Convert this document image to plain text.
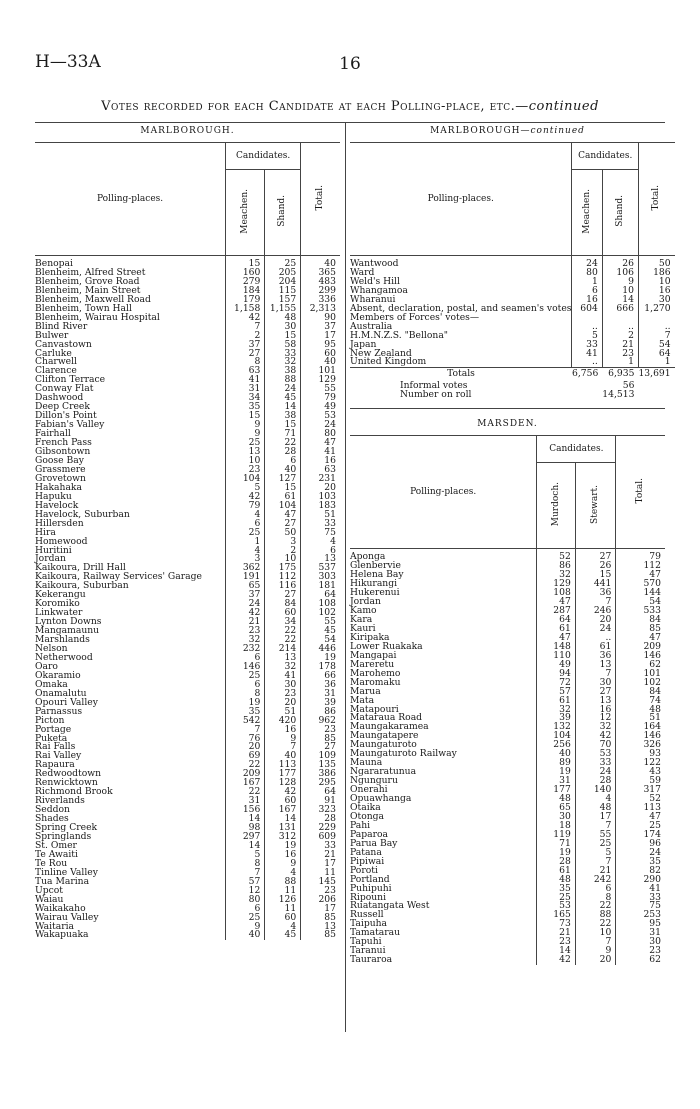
H—33A	16
Votes recorded for each Candidate at each Polling-place, etc.—continued
MARLBOROUGH.
Polling-places.	Candidates.		Total.
	Meachen.	Shand.	
Benopai	15	25	40
Blenheim, Alfred Street	160	205	365
Blenheim, Grove Road	279	204	483
Blenheim, Main Street	184	115	299
Blenheim, Maxwell Road	179	157	336
Blenheim, Town Hall	1,158	1,155	2,313
Blenheim, Wairau Hospital	42	48	90
Blind River	7	30	37
Bulwer	2	15	17
Canvastown	37	58	95
Carluke	27	33	60
Charwell	8	32	40
Clarence	63	38	101
Clifton Terrace	41	88	129
Conway Flat	31	24	55
Dashwood	34	45	79
Deep Creek	35	14	49
Dillon's Point	15	38	53
Fabian's Valley	9	15	24
Fairhall	9	71	80
French Pass	25	22	47
Gibsontown	13	28	41
Goose Bay	10	6	16
Grassmere	23	40	63
Grovetown	104	127	231
Hakahaka	5	15	20
Hapuku	42	61	103
Havelock	79	104	183
Havelock, Suburban	4	47	51
Hillersden	6	27	33
Hira	25	50	75
Homewood	1	3	4
Huritini	4	2	6
Jordan	3	10	13
Kaikoura, Drill Hall	362	175	537
Kaikoura, Railway Services' Garage	191	112	303
Kaikoura, Suburban	65	116	181
Kekerangu	37	27	64
Koromiko	24	84	108
Linkwater	42	60	102
Lynton Downs	21	34	55
Mangamaunu	23	22	45
Marshlands	32	22	54
Nelson	232	214	446
Netherwood	6	13	19
Oaro	146	32	178
Okaramio	25	41	66
Omaka	6	30	36
Onamalutu	8	23	31
Opouri Valley	19	20	39
Parnassus	35	51	86
Picton	542	420	962
Portage	7	16	23
Puketa	76	9	85
Rai Falls	20	7	27
Rai Valley	69	40	109
Rapaura	22	113	135
Redwoodtown	209	177	386
Renwicktown	167	128	295
Richmond Brook	22	42	64
Riverlands	31	60	91
Seddon	156	167	323
Shades	14	14	28
Spring Creek	98	131	229
Springlands	297	312	609
St. Omer	14	19	33
Te Awaiti	5	16	21
Te Rou	8	9	17
Tinline Valley	7	4	11
Tua Marina	57	88	145
Upcot	12	11	23
Waiau	80	126	206
Waikakaho	6	11	17
Wairau Valley	25	60	85
Waitaria	9	4	13
Wakapuaka	40	45	85
MARLBOROUGH—continued
Polling-places.	Candidates.		Total.
	Meachen.	Shand.	
Wantwood	24	26	50
Ward	80	106	186
Weld's Hill	1	9	10
Whangamoa	6	10	16
Wharanui	16	14	30
Absent, declaration, postal, and seamen's votes	604	666	1,270
Members of Forces' votes—			
Australia	..	..	..
H.M.N.Z.S. "Bellona"	5	2	7
Japan	33	21	54
New Zealand	41	23	64
United Kingdom	..	1	1
Totals	6,756	6,935	13,691
Informal votes		56	
Number on roll		14,513	
MARSDEN.
Polling-places.	Candidates.		Total.
	Murdoch.	Stewart.	
Aponga	52	27	79
Glenbervie	86	26	112
Helena Bay	32	15	47
Hikurangi	129	441	570
Hukerenui	108	36	144
Jordan	47	7	54
Kamo	287	246	533
Kara	64	20	84
Kauri	61	24	85
Kiripaka	47	..	47
Lower Ruakaka	148	61	209
Mangapai	110	36	146
Mareretu	49	13	62
Marohemo	94	7	101
Maromaku	72	30	102
Marua	57	27	84
Mata	61	13	74
Matapouri	32	16	48
Mataraua Road	39	12	51
Maungakaramea	132	32	164
Maungatapere	104	42	146
Maungaturoto	256	70	326
Maungaturoto Railway	40	53	93
Mauna	89	33	122
Ngararatunua	19	24	43
Ngunguru	31	28	59
Onerahi	177	140	317
Opuawhanga	48	4	52
Otaika	65	48	113
Otonga	30	17	47
Pahi	18	7	25
Paparoa	119	55	174
Parua Bay	71	25	96
Patana	19	5	24
Pipiwai	28	7	35
Poroti	61	21	82
Portland	48	242	290
Puhipuhi	35	6	41
Ripouni	25	8	33
Ruatangata West	53	22	75
Russell	165	88	253
Taipuha	73	22	95
Tamatarau	21	10	31
Tapuhi	23	7	30
Taranui	14	9	23
Tauraroa	42	20	62
